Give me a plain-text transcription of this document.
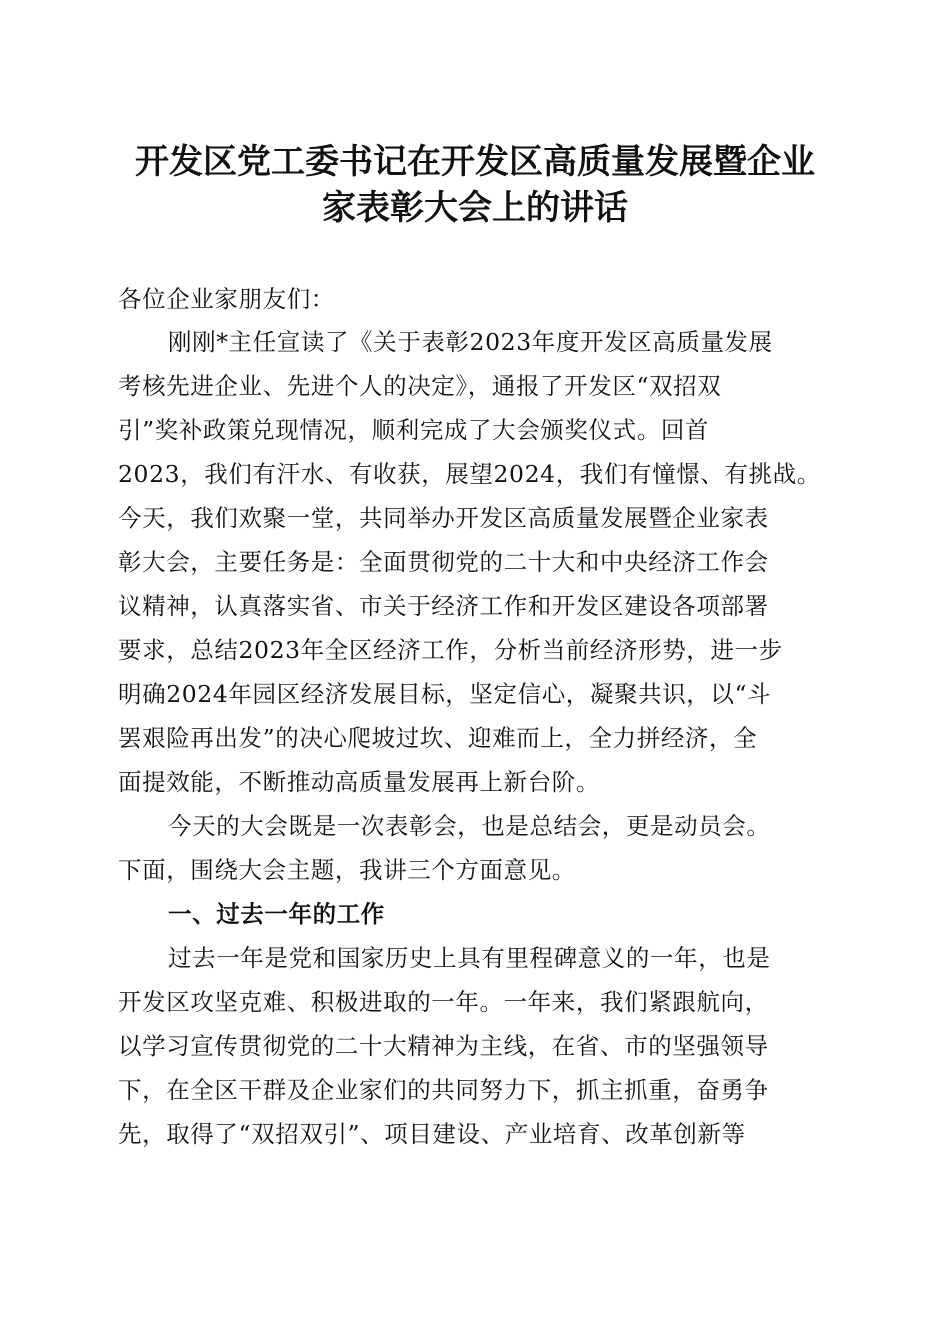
开发区党工委书记在开发区高质量发展暨企业
家表彰大会上的讲话
各位企业家朋友们：
刚刚*主任宣读了《关于表彰2023年度开发区高质量发展
考核先进企业、先进个人的决定》，通报了开发区“双招双
引”奖补政策兑现情况，顺利完成了大会颁奖仪式。回首
2023，我们有汗水、有收获，展望2024，我们有憧憬、有挑战。
今天，我们欢聚一堂，共同举办开发区高质量发展暨企业家表
彰大会，主要任务是：全面贯彻党的二十大和中央经济工作会
议精神，认真落实省、市关于经济工作和开发区建设各项部署
要求，总结2023年全区经济工作，分析当前经济形势，进一步
明确2024年园区经济发展目标，坚定信心，凝聚共识，以“斗
罢艰险再出发”的决心爬坡过坎、迎难而上，全力拼经济，全
面提效能，不断推动高质量发展再上新台阶。
今天的大会既是一次表彰会，也是总结会，更是动员会。
下面，围绕大会主题，我讲三个方面意见。
一、过去一年的工作
过去一年是党和国家历史上具有里程碑意义的一年，也是
开发区攻坚克难、积极进取的一年。一年来，我们紧跟航向，
以学习宣传贯彻党的二十大精神为主线，在省、市的坚强领导
下，在全区干群及企业家们的共同努力下，抓主抓重，奋勇争
先，取得了“双招双引”、项目建设、产业培育、改革创新等
